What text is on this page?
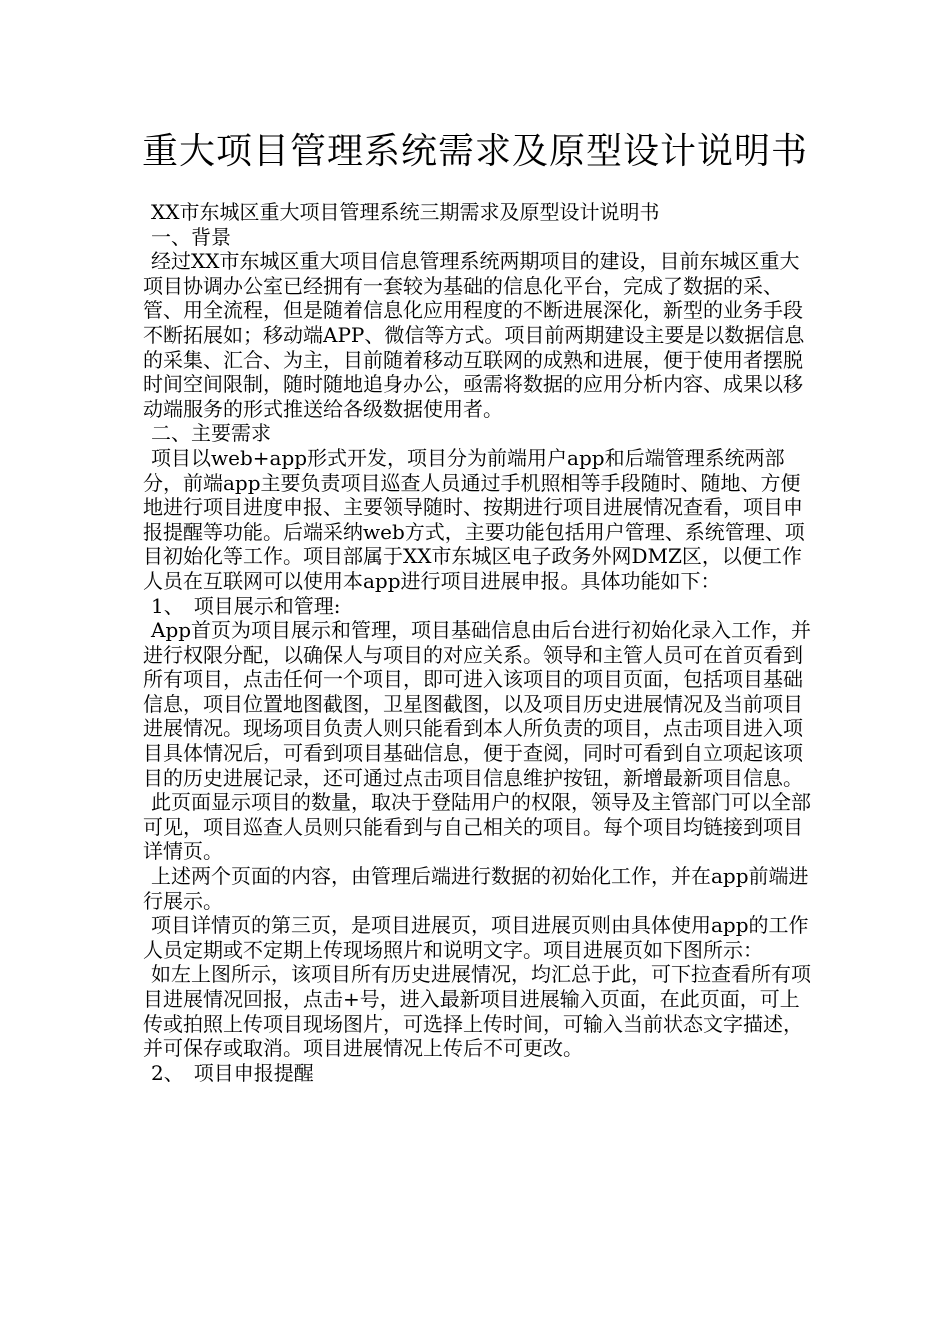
重大项目管理系统需求及原型设计说明书

XX市东城区重大项目管理系统三期需求及原型设计说明书

一、背景

经过XX市东城区重大项目信息管理系统两期项目的建设，目前东城区重大项目协调办公室已经拥有一套较为基础的信息化平台，完成了数据的采、管、用全流程，但是随着信息化应用程度的不断进展深化，新型的业务手段不断拓展如；移动端APP、微信等方式。项目前两期建设主要是以数据信息的采集、汇合、为主，目前随着移动互联网的成熟和进展，便于使用者摆脱时间空间限制，随时随地追身办公，亟需将数据的应用分析内容、成果以移动端服务的形式推送给各级数据使用者。

二、主要需求

项目以web+app形式开发，项目分为前端用户app和后端管理系统两部分，前端app主要负责项目巡查人员通过手机照相等手段随时、随地、方便地进行项目进度申报、主要领导随时、按期进行项目进展情况查看，项目申报提醒等功能。后端采纳web方式，主要功能包括用户管理、系统管理、项目初始化等工作。项目部属于XX市东城区电子政务外网DMZ区，以便工作人员在互联网可以使用本app进行项目进展申报。具体功能如下：

1、　项目展示和管理:

App首页为项目展示和管理，项目基础信息由后台进行初始化录入工作，并进行权限分配，以确保人与项目的对应关系。领导和主管人员可在首页看到所有项目，点击任何一个项目，即可进入该项目的项目页面，包括项目基础信息，项目位置地图截图，卫星图截图，以及项目历史进展情况及当前项目进展情况。现场项目负责人则只能看到本人所负责的项目，点击项目进入项目具体情况后，可看到项目基础信息，便于查阅，同时可看到自立项起该项目的历史进展记录，还可通过点击项目信息维护按钮，新增最新项目信息。

此页面显示项目的数量，取决于登陆用户的权限，领导及主管部门可以全部可见，项目巡查人员则只能看到与自己相关的项目。每个项目均链接到项目详情页。

上述两个页面的内容，由管理后端进行数据的初始化工作，并在app前端进行展示。

项目详情页的第三页，是项目进展页，项目进展页则由具体使用app的工作人员定期或不定期上传现场照片和说明文字。项目进展页如下图所示：

如左上图所示，该项目所有历史进展情况，均汇总于此，可下拉查看所有项目进展情况回报，点击+号，进入最新项目进展输入页面，在此页面，可上传或拍照上传项目现场图片，可选择上传时间，可输入当前状态文字描述，并可保存或取消。项目进展情况上传后不可更改。

2、　项目申报提醒
